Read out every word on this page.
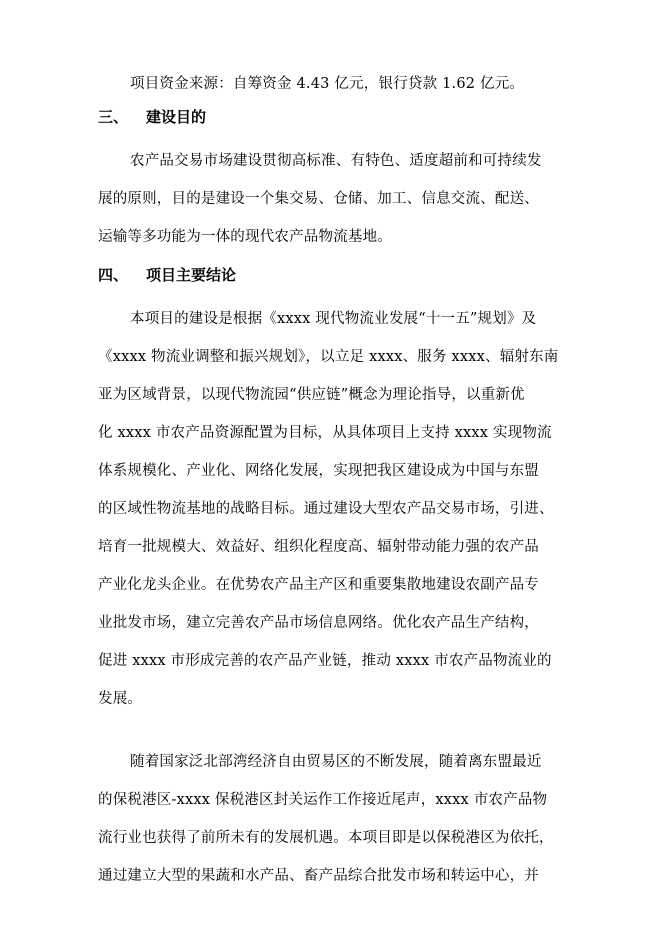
项目资金来源：自筹资金 4.43 亿元，银行贷款 1.62 亿元。
三、 建设目的
农产品交易市场建设贯彻高标准、有特色、适度超前和可持续发
展的原则，目的是建设一个集交易、仓储、加工、信息交流、配送、
运输等多功能为一体的现代农产品物流基地。
四、 项目主要结论
本项目的建设是根据《xxxx 现代物流业发展“十一五”规划》及
《xxxx 物流业调整和振兴规划》，以立足 xxxx、服务 xxxx、辐射东南
亚为区域背景，以现代物流园“供应链”概念为理论指导，以重新优
化 xxxx 市农产品资源配置为目标，从具体项目上支持 xxxx 实现物流
体系规模化、产业化、网络化发展，实现把我区建设成为中国与东盟
的区域性物流基地的战略目标。通过建设大型农产品交易市场，引进、
培育一批规模大、效益好、组织化程度高、辐射带动能力强的农产品
产业化龙头企业。在优势农产品主产区和重要集散地建设农副产品专
业批发市场，建立完善农产品市场信息网络。优化农产品生产结构，
促进 xxxx 市形成完善的农产品产业链，推动 xxxx 市农产品物流业的
发展。
随着国家泛北部湾经济自由贸易区的不断发展，随着离东盟最近
的保税港区-xxxx 保税港区封关运作工作接近尾声，xxxx 市农产品物
流行业也获得了前所未有的发展机遇。本项目即是以保税港区为依托，
通过建立大型的果蔬和水产品、畜产品综合批发市场和转运中心，并
